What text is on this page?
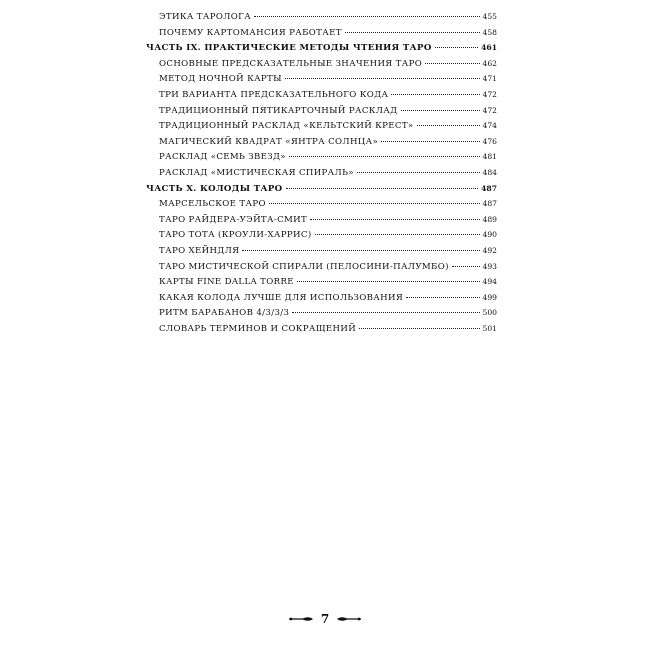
ЭТИКА ТАРОЛОГА	455
ПОЧЕМУ КАРТОМАНСИЯ РАБОТАЕТ	458
ЧАСТЬ IX. ПРАКТИЧЕСКИЕ МЕТОДЫ ЧТЕНИЯ ТАРО	461
ОСНОВНЫЕ ПРЕДСКАЗАТЕЛЬНЫЕ ЗНАЧЕНИЯ ТАРО	462
МЕТОД НОЧНОЙ КАРТЫ	471
ТРИ ВАРИАНТА ПРЕДСКАЗАТЕЛЬНОГО КОДА	472
ТРАДИЦИОННЫЙ ПЯТИКАРТОЧНЫЙ РАСКЛАД	472
ТРАДИЦИОННЫЙ РАСКЛАД «КЕЛЬТСКИЙ КРЕСТ»	474
МАГИЧЕСКИЙ КВАДРАТ «ЯНТРА СОЛНЦА»	476
РАСКЛАД «СЕМЬ ЗВЕЗД»	481
РАСКЛАД «МИСТИЧЕСКАЯ СПИРАЛЬ»	484
ЧАСТЬ X. КОЛОДЫ ТАРО	487
МАРСЕЛЬСКОЕ ТАРО	487
ТАРО РАЙДЕРА-УЭЙТА-СМИТ	489
ТАРО ТОТА (КРОУЛИ-ХАРРИС)	490
ТАРО ХЕЙНДЛЯ	492
ТАРО МИСТИЧЕСКОЙ СПИРАЛИ (ПЕЛОСИНИ-ПАЛУМБО)	493
КАРТЫ FINE DALLA TORRE	494
КАКАЯ КОЛОДА ЛУЧШЕ ДЛЯ ИСПОЛЬЗОВАНИЯ	499
РИТМ БАРАБАНОВ 4/3/3/3	500
СЛОВАРЬ ТЕРМИНОВ И СОКРАЩЕНИЙ	501
7
